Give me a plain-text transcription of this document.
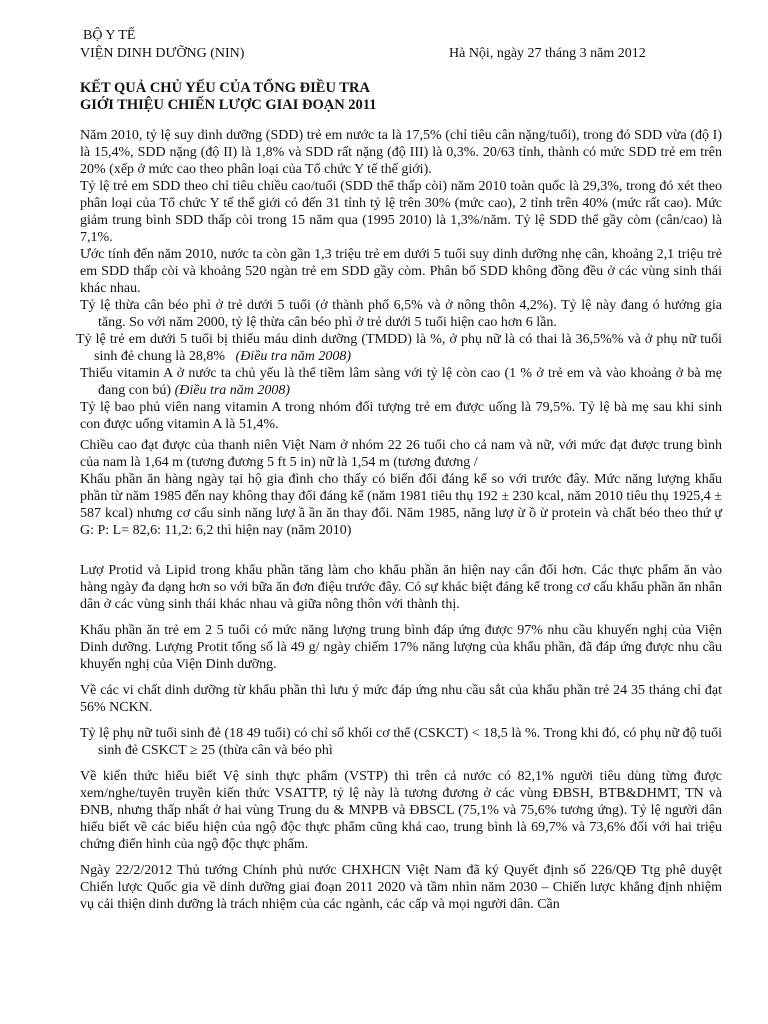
BỘ Y TẾ
VIỆN DINH DƯỠNG (NIN)	Hà Nội, ngày 27 tháng 3 năm 2012
KẾT QUẢ CHỦ YẾU CỦA TỔNG ĐIỀU TRA
GIỚI THIỆU CHIẾN LƯỢC GIAI ĐOẠN 2011

Năm 2010, tỷ lệ suy dinh dưỡng (SDD) trẻ em nước ta là 17,5% (chỉ tiêu cân nặng/tuổi), trong đó SDD vừa (độ I) là 15,4%, SDD nặng (độ II) là 1,8% và SDD rất nặng (độ III) là 0,3%. 20/63 tỉnh, thành có mức SDD trẻ em trên 20% (xếp ở mức cao theo phân loại của Tổ chức Y tế thế giới).

Tỷ lệ trẻ em SDD theo chỉ tiêu chiều cao/tuổi (SDD thể thấp còi) năm 2010 toàn quốc là 29,3%, trong đó xét theo phân loại của Tổ chức Y tế thế giới có đến 31 tỉnh tỷ lệ trên 30% (mức cao), 2 tỉnh trên 40% (mức rất cao). Mức giảm trung bình SDD thấp còi trong 15 năm qua (1995 2010) là 1,3%/năm. Tỷ lệ SDD thể gầy còm (cân/cao) là 7,1%.

Ước tính đến năm 2010, nước ta còn gần 1,3 triệu trẻ em dưới 5 tuổi suy dinh dưỡng nhẹ cân, khoảng 2,1 triệu trẻ em SDD thấp còi và khoảng 520 ngàn trẻ em SDD gầy còm. Phân bố SDD không đồng đều ở các vùng sinh thái khác nhau.

Tỷ lệ thừa cân béo phì ở trẻ dưới 5 tuổi (ở thành phố 6,5% và ở nông thôn 4,2%). Tỷ lệ này đang ó hướng gia tăng. So với năm 2000, tỷ lệ thừa cân béo phì ở trẻ dưới 5 tuổi hiện cao hơn 6 lần.

Tỷ lệ trẻ em dưới 5 tuổi bị thiếu máu dinh dưỡng (TMDD) là %, ở phụ nữ là có thai là 36,5%% và ở phụ nữ tuổi sinh đẻ chung là 28,8% (Điều tra năm 2008)

Thiếu vitamin A ở nước ta chủ yếu là thể tiềm lâm sàng với tỷ lệ còn cao (1 % ở trẻ em và vào khoảng ở bà mẹ đang con bú) (Điều tra năm 2008)

Tỷ lệ bao phủ viên nang vitamin A trong nhóm đối tượng trẻ em được uống là 79,5%. Tỷ lệ bà mẹ sau khi sinh con được uống vitamin A là 51,4%.

Chiều cao đạt được của thanh niên Việt Nam ở nhóm 22 26 tuổi cho cả nam và nữ, với mức đạt được trung bình của nam là 1,64 m (tương đương 5 ft 5 in) nữ là 1,54 m (tương đương /

Khẩu phần ăn hàng ngày tại hộ gia đình cho thấy có biến đổi đáng kể so với trước đây. Mức năng lượng khẩu phần từ năm 1985 đến nay không thay đổi đáng kể (năm 1981 tiêu thụ 192 ± 230 kcal, năm 2010 tiêu thụ 1925,4 ± 587 kcal) nhưng cơ cấu sinh năng lượ ầ ần ăn thay đổi. Năm 1985, năng lượ ừ ồ ừ protein và chất béo theo thứ ự G: P: L= 82,6: 11,2: 6,2 thì hiện nay (năm 2010)

Lượ Protid và Lipid trong khẩu phần tăng làm cho khẩu phần ăn hiện nay cân đối hơn. Các thực phẩm ăn vào hàng ngày đa dạng hơn so với bữa ăn đơn điệu trước đây. Có sự khác biệt đáng kể trong cơ cấu khẩu phần ăn nhân dân ở các vùng sinh thái khác nhau và giữa nông thôn với thành thị.

Khẩu phần ăn trẻ em 2 5 tuổi có mức năng lượng trung bình đáp ứng được 97% nhu cầu khuyến nghị của Viện Dinh dưỡng. Lượng Protit tổng số là 49 g/ ngày chiếm 17% năng lượng của khẩu phần, đã đáp ứng được nhu cầu khuyến nghị của Viện Dinh dưỡng.

Về các vi chất dinh dưỡng từ khẩu phần thì lưu ý mức đáp ứng nhu cầu sắt của khẩu phần trẻ 24 35 tháng chỉ đạt 56% NCKN.

Tỷ lệ phụ nữ tuổi sinh đẻ (18 49 tuổi) có chỉ số khối cơ thể (CSKCT) < 18,5 là %. Trong khi đó, có phụ nữ độ tuổi sinh đẻ CSKCT ≥ 25 (thừa cân và béo phì

Về kiến thức hiểu biết Vệ sinh thực phẩm (VSTP) thì trên cả nước có 82,1% người tiêu dùng từng được xem/nghe/tuyên truyền kiến thức VSATTP, tỷ lệ này là tương đương ở các vùng ĐBSH, BTB&DHMT, TN và ĐNB, nhưng thấp nhất ở hai vùng Trung du & MNPB và ĐBSCL (75,1% và 75,6% tương ứng). Tỷ lệ người dân hiểu biết về các biểu hiện của ngộ độc thực phẩm cũng khá cao, trung bình là 69,7% và 73,6% đối với hai triệu chứng điển hình của ngộ độc thực phẩm.

Ngày 22/2/2012 Thủ tướng Chính phủ nước CHXHCN Việt Nam đã ký Quyết định số 226/QĐ Ttg phê duyệt Chiến lược Quốc gia về dinh dưỡng giai đoạn 2011 2020 và tầm nhìn năm 2030 – Chiến lược khẳng định nhiệm vụ cải thiện dinh dưỡng là trách nhiệm của các ngành, các cấp và mọi người dân. Cần
